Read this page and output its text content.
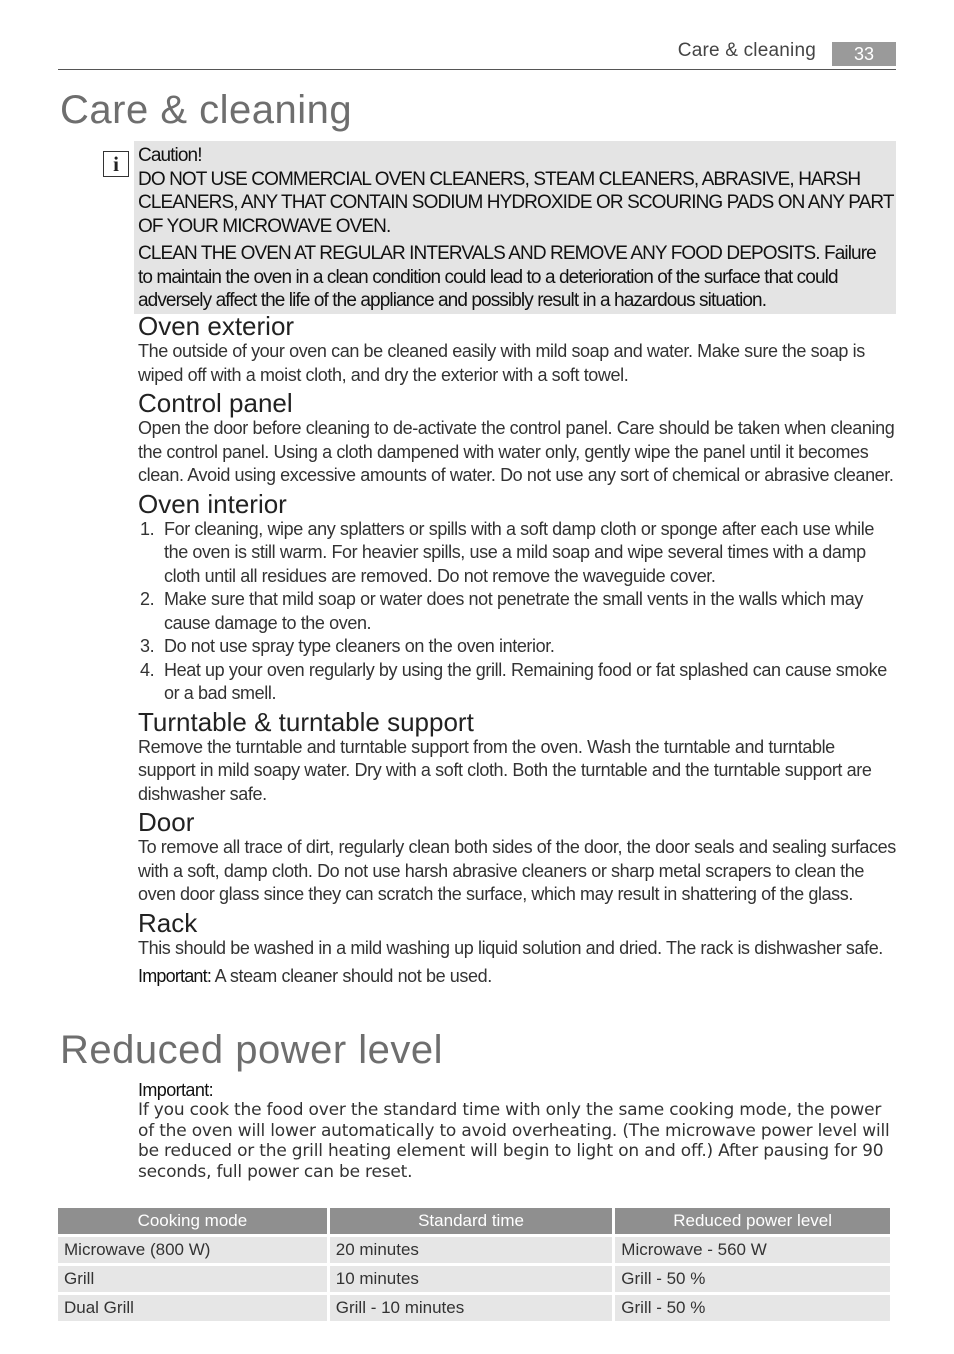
Care & cleaning	33
Care & cleaning
i	Caution!

DO NOT USE COMMERCIAL OVEN CLEANERS, STEAM CLEANERS, ABRASIVE, HARSH CLEANERS, ANY THAT CONTAIN SODIUM HYDROXIDE OR SCOURING PADS ON ANY PART OF YOUR MICROWAVE OVEN.

CLEAN THE OVEN AT REGULAR INTERVALS AND REMOVE ANY FOOD DEPOSITS. Failure to maintain the oven in a clean condition could lead to a deterioration of the surface that could adversely affect the life of the appliance and possibly result in a hazardous situation.

Oven exterior

The outside of your oven can be cleaned easily with mild soap and water. Make sure the soap is wiped off with a moist cloth, and dry the exterior with a soft towel.

Control panel

Open the door before cleaning to de-activate the control panel. Care should be taken when cleaning the control panel. Using a cloth dampened with water only, gently wipe the panel until it becomes clean. Avoid using excessive amounts of water. Do not use any sort of chemical or abrasive cleaner.

Oven interior
1. For cleaning, wipe any splatters or spills with a soft damp cloth or sponge after each use while the oven is still warm. For heavier spills, use a mild soap and wipe several times with a damp cloth until all residues are removed. Do not remove the waveguide cover.
2. Make sure that mild soap or water does not penetrate the small vents in the walls which may cause damage to the oven.
3. Do not use spray type cleaners on the oven interior.
4. Heat up your oven regularly by using the grill. Remaining food or fat splashed can cause smoke or a bad smell.
Turntable & turntable support

Remove the turntable and turntable support from the oven. Wash the turntable and turntable support in mild soapy water. Dry with a soft cloth. Both the turntable and the turntable support are dishwasher safe.

Door

To remove all trace of dirt, regularly clean both sides of the door, the door seals and sealing surfaces with a soft, damp cloth. Do not use harsh abrasive cleaners or sharp metal scrapers to clean the oven door glass since they can scratch the surface, which may result in shattering of the glass.

Rack

This should be washed in a mild washing up liquid solution and dried. The rack is dishwasher safe.

Important: A steam cleaner should not be used.

Reduced power level
Important:
If you cook the food over the standard time with only the same cooking mode, the power of the oven will lower automatically to avoid overheating. (The microwave power level will be reduced or the grill heating element will begin to light on and off.) After pausing for 90 seconds, full power can be reset.
Cooking mode	Standard time	Reduced power level
Microwave (800 W)	20 minutes	Microwave - 560 W
Grill	10 minutes	Grill - 50 %
Dual Grill	Grill - 10 minutes	Grill - 50 %
